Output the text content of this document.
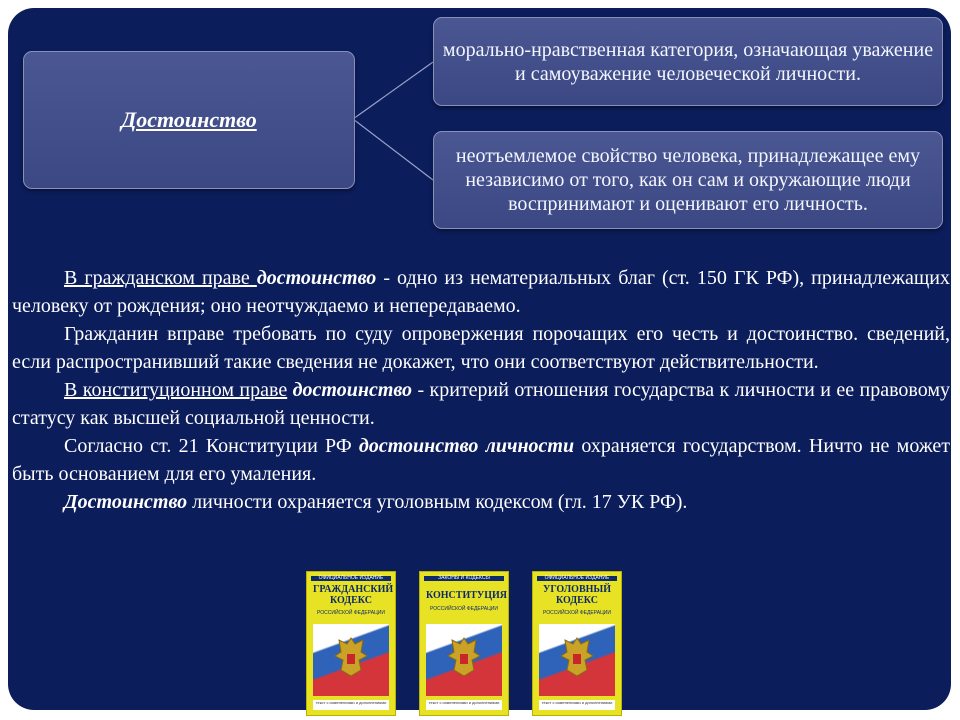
Достоинство
морально-нравственная категория, означающая уважение и самоуважение человеческой личности.
неотъемлемое свойство человека, принадлежащее ему независимо от того, как он сам и окружающие люди воспринимают и оценивают его личность.

В гражданском праве достоинство - одно из нематериальных благ (ст. 150 ГК РФ), принадлежащих человеку от рождения; оно неотчуждаемо и непередаваемо.

Гражданин вправе требовать по суду опровержения порочащих его честь и достоинство. сведений, если распространивший такие сведения не докажет, что они соответствуют действительности.

В конституционном праве достоинство - критерий отношения государства к личности и ее правовому статусу как высшей социальной ценности.

Согласно ст. 21 Конституции РФ достоинство личности охраняется государством. Ничто не может быть основанием для его умаления.

Достоинство личности охраняется уголовным кодексом (гл. 17 УК РФ).

ОФИЦИАЛЬНОЕ ИЗДАНИЕ
ГРАЖДАНСКИЙ КОДЕКС
РОССИЙСКОЙ ФЕДЕРАЦИИ
текст с изменениями и дополнениями
ЗАКОНЫ И КОДЕКСЫ
КОНСТИТУЦИЯ
РОССИЙСКОЙ ФЕДЕРАЦИИ
текст с изменениями и дополнениями
ОФИЦИАЛЬНОЕ ИЗДАНИЕ
УГОЛОВНЫЙ КОДЕКС
РОССИЙСКОЙ ФЕДЕРАЦИИ
текст с изменениями и дополнениями
